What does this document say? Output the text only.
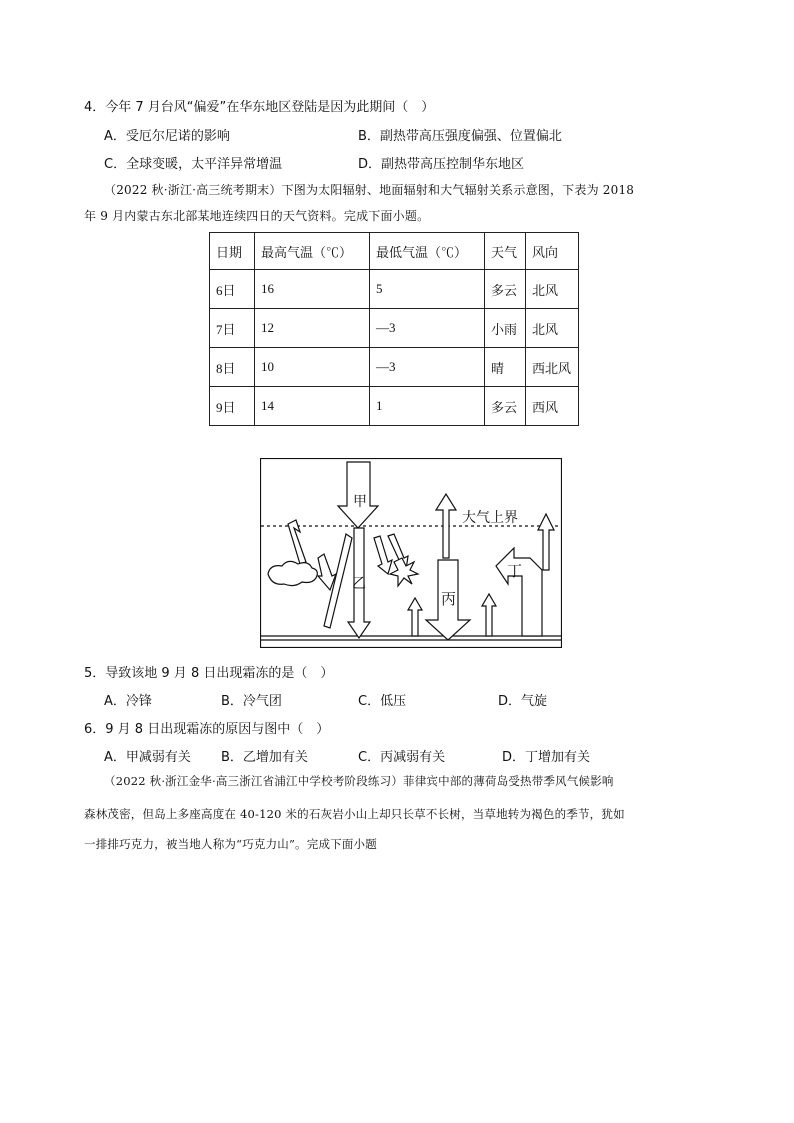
4．今年 7 月台风“偏爱”在华东地区登陆是因为此期间（　）
A．受厄尔尼诺的影响	B．副热带高压强度偏强、位置偏北
C．全球变暖，太平洋异常增温	D．副热带高压控制华东地区
（2022 秋·浙江·高三统考期末）下图为太阳辐射、地面辐射和大气辐射关系示意图，下表为 2018
年 9 月内蒙古东北部某地连续四日的天气资料。完成下面小题。
日期	最高气温（℃）	最低气温（℃）	天气	风向
6日	16	5	多云	北风
7日	12	—3	小雨	北风
8日	10	—3	晴	西北风
9日	14	1	多云	西风
甲
乙
丙
丁
大气上界
5．导致该地 9 月 8 日出现霜冻的是（　）
A．冷锋	B．冷气团	C．低压	D．气旋
6．9 月 8 日出现霜冻的原因与图中（　）
A．甲减弱有关 B．乙增加有关	C．丙减弱有关	D．丁增加有关
（2022 秋·浙江金华·高三浙江省浦江中学校考阶段练习）菲律宾中部的薄荷岛受热带季风气候影响
森林茂密，但岛上多座高度在 40-120 米的石灰岩小山上却只长草不长树，当草地转为褐色的季节，犹如
一排排巧克力，被当地人称为“巧克力山”。完成下面小题
